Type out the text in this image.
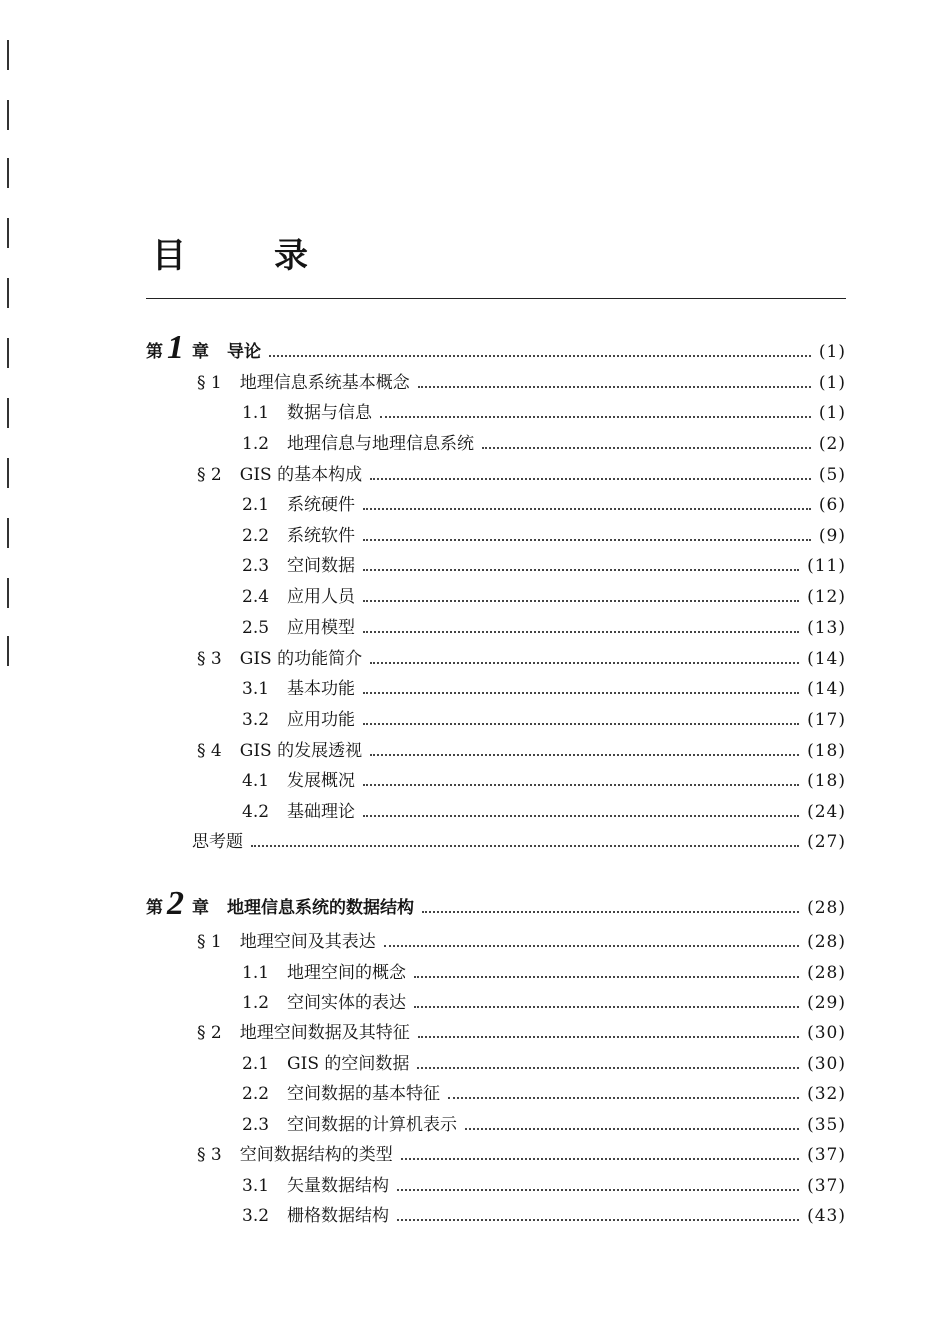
目	录
第 1 章 导论	(1)
§ 1 地理信息系统基本概念	(1)
1.1 数据与信息	(1)
1.2 地理信息与地理信息系统	(2)
§ 2 GIS 的基本构成	(5)
2.1 系统硬件	(6)
2.2 系统软件	(9)
2.3 空间数据	(11)
2.4 应用人员	(12)
2.5 应用模型	(13)
§ 3 GIS 的功能简介	(14)
3.1 基本功能	(14)
3.2 应用功能	(17)
§ 4 GIS 的发展透视	(18)
4.1 发展概况	(18)
4.2 基础理论	(24)
思考题	(27)
第 2 章 地理信息系统的数据结构	(28)
§ 1 地理空间及其表达	(28)
1.1 地理空间的概念	(28)
1.2 空间实体的表达	(29)
§ 2 地理空间数据及其特征	(30)
2.1 GIS 的空间数据	(30)
2.2 空间数据的基本特征	(32)
2.3 空间数据的计算机表示	(35)
§ 3 空间数据结构的类型	(37)
3.1 矢量数据结构	(37)
3.2 栅格数据结构	(43)
